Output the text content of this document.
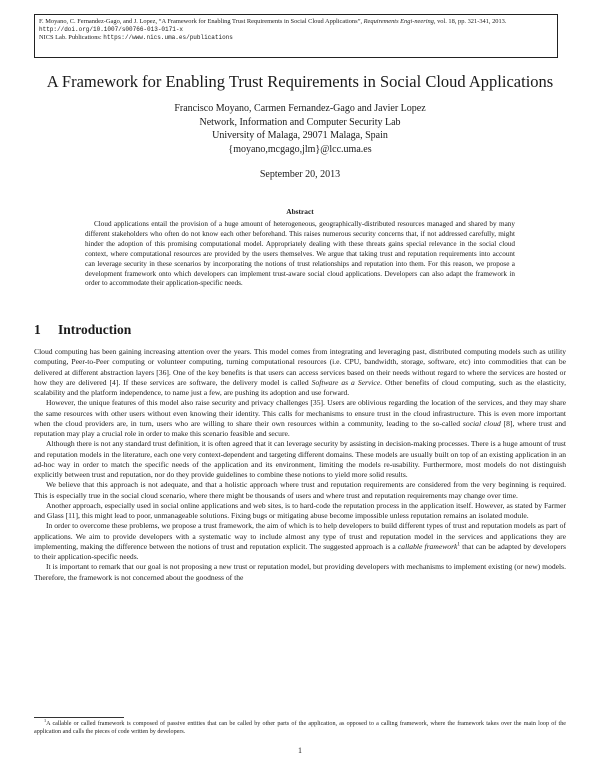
F. Moyano, C. Fernandez-Gago, and J. Lopez, “A Framework for Enabling Trust Requirements in Social Cloud Applications”, Requirements Engi-neering, vol. 18, pp. 321-341, 2013.
http://doi.org/10.1007/s00766-013-0171-x
NICS Lab. Publications: https://www.nics.uma.es/publications
A Framework for Enabling Trust Requirements in Social Cloud Applications
Francisco Moyano, Carmen Fernandez-Gago and Javier Lopez
Network, Information and Computer Security Lab
University of Malaga, 29071 Malaga, Spain
{moyano,mcgago,jlm}@lcc.uma.es
September 20, 2013
Abstract

Cloud applications entail the provision of a huge amount of heterogeneous, geographically-distributed resources managed and shared by many different stakeholders who often do not know each other beforehand. This raises numerous security concerns that, if not addressed carefully, might hinder the adoption of this promising computational model. Appropriately dealing with these threats gains special relevance in the social cloud context, where computational resources are provided by the users themselves. We argue that taking trust and reputation requirements into account can leverage security in these scenarios by incorporating the notions of trust relationships and reputation into them. For this reason, we propose a development framework onto which developers can implement trust-aware social cloud applications. Developers can also adapt the framework in order to accommodate their application-specific needs.

1 Introduction

Cloud computing has been gaining increasing attention over the years. This model comes from integrating and leveraging past, distributed computing models such as utility computing, Peer-to-Peer computing or volunteer computing, turning computational resources (i.e. CPU, bandwidth, storage, software, etc) into commodities that can be delivered at different abstraction layers [36]. One of the key benefits is that users can access services based on their needs without regard to where the services are hosted or how they are delivered [4]. If these services are software, the delivery model is called Software as a Service. Other benefits of cloud computing, such as the elasticity, scalability and the platform independence, to name just a few, are pushing its adoption and use forward.

However, the unique features of this model also raise security and privacy challenges [35]. Users are oblivious regarding the location of the services, and they may share the same resources with other users without even knowing their identity. This calls for mechanisms to ensure trust in the cloud infrastructure. This is even more important when the cloud providers are, in turn, users who are willing to share their own resources within a community, leading to the so-called social cloud [8], where trust and reputation may play a crucial role in order to make this scenario feasible and secure.

Although there is not any standard trust definition, it is often agreed that it can leverage security by assisting in decision-making processes. There is a huge amount of trust and reputation models in the literature, each one very context-dependent and targeting different domains. These models are usually built on top of an existing application in an ad-hoc way in order to match the specific needs of the application and its environment, limiting the models re-usability. Furthermore, most models do not distinguish explicitly between trust and reputation, nor do they provide guidelines to combine these notions to yield more solid results.

We believe that this approach is not adequate, and that a holistic approach where trust and reputation requirements are considered from the very beginning is required. This is especially true in the social cloud scenario, where there might be thousands of users and where trust and reputation requirements may change over time.

Another approach, especially used in social online applications and web sites, is to hard-code the reputation process in the application itself. However, as stated by Farmer and Glass [11], this might lead to poor, unmanageable solutions. Fixing bugs or mitigating abuse become impossible unless reputation remains an isolated module.

In order to overcome these problems, we propose a trust framework, the aim of which is to help developers to build different types of trust and reputation models as part of applications. We aim to provide developers with a systematic way to include almost any type of trust and reputation model in the services and applications they are implementing, making the difference between the notions of trust and reputation explicit. The suggested approach is a callable framework$^1$ that can be adapted by developers to their application-specific needs.

It is important to remark that our goal is not proposing a new trust or reputation model, but providing developers with mechanisms to implement existing (or new) models. Therefore, the framework is not concerned about the goodness of the

$^1$A callable or called framework is composed of passive entities that can be called by other parts of the application, as opposed to a calling framework, where the framework takes over the main loop of the application and calls the pieces of code written by developers.

1
